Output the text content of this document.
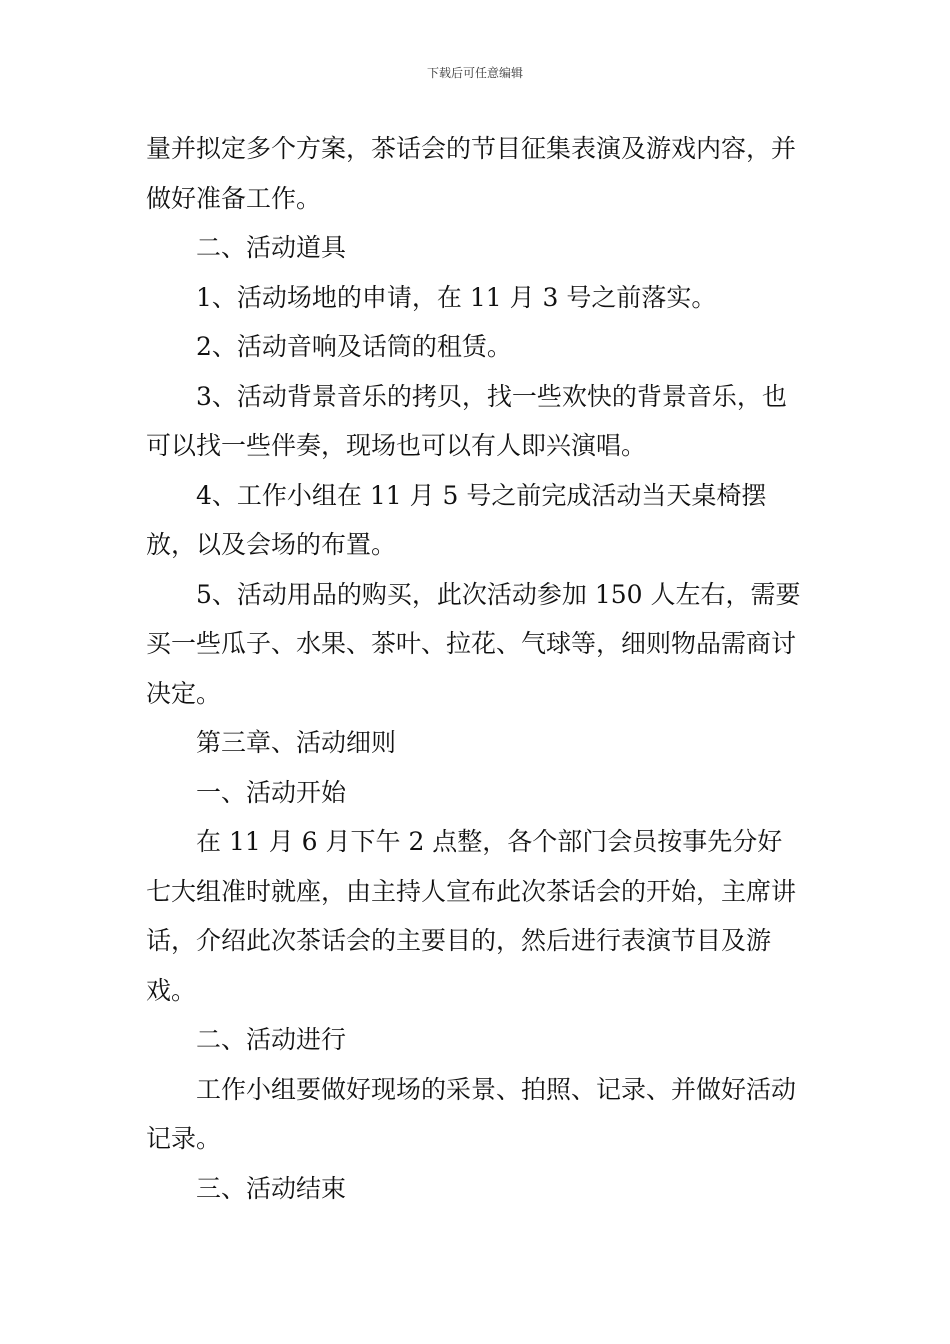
下载后可任意编辑

量并拟定多个方案，茶话会的节目征集表演及游戏内容，并做好准备工作。

二、活动道具

1、活动场地的申请，在 11 月 3 号之前落实。

2、活动音响及话筒的租赁。

3、活动背景音乐的拷贝，找一些欢快的背景音乐，也可以找一些伴奏，现场也可以有人即兴演唱。

4、工作小组在 11 月 5 号之前完成活动当天桌椅摆放，以及会场的布置。

5、活动用品的购买，此次活动参加 150 人左右，需要买一些瓜子、水果、茶叶、拉花、气球等，细则物品需商讨决定。

第三章、活动细则

一、活动开始

在 11 月 6 月下午 2 点整，各个部门会员按事先分好七大组准时就座，由主持人宣布此次茶话会的开始，主席讲话，介绍此次茶话会的主要目的，然后进行表演节目及游戏。

二、活动进行

工作小组要做好现场的采景、拍照、记录、并做好活动记录。

三、活动结束
